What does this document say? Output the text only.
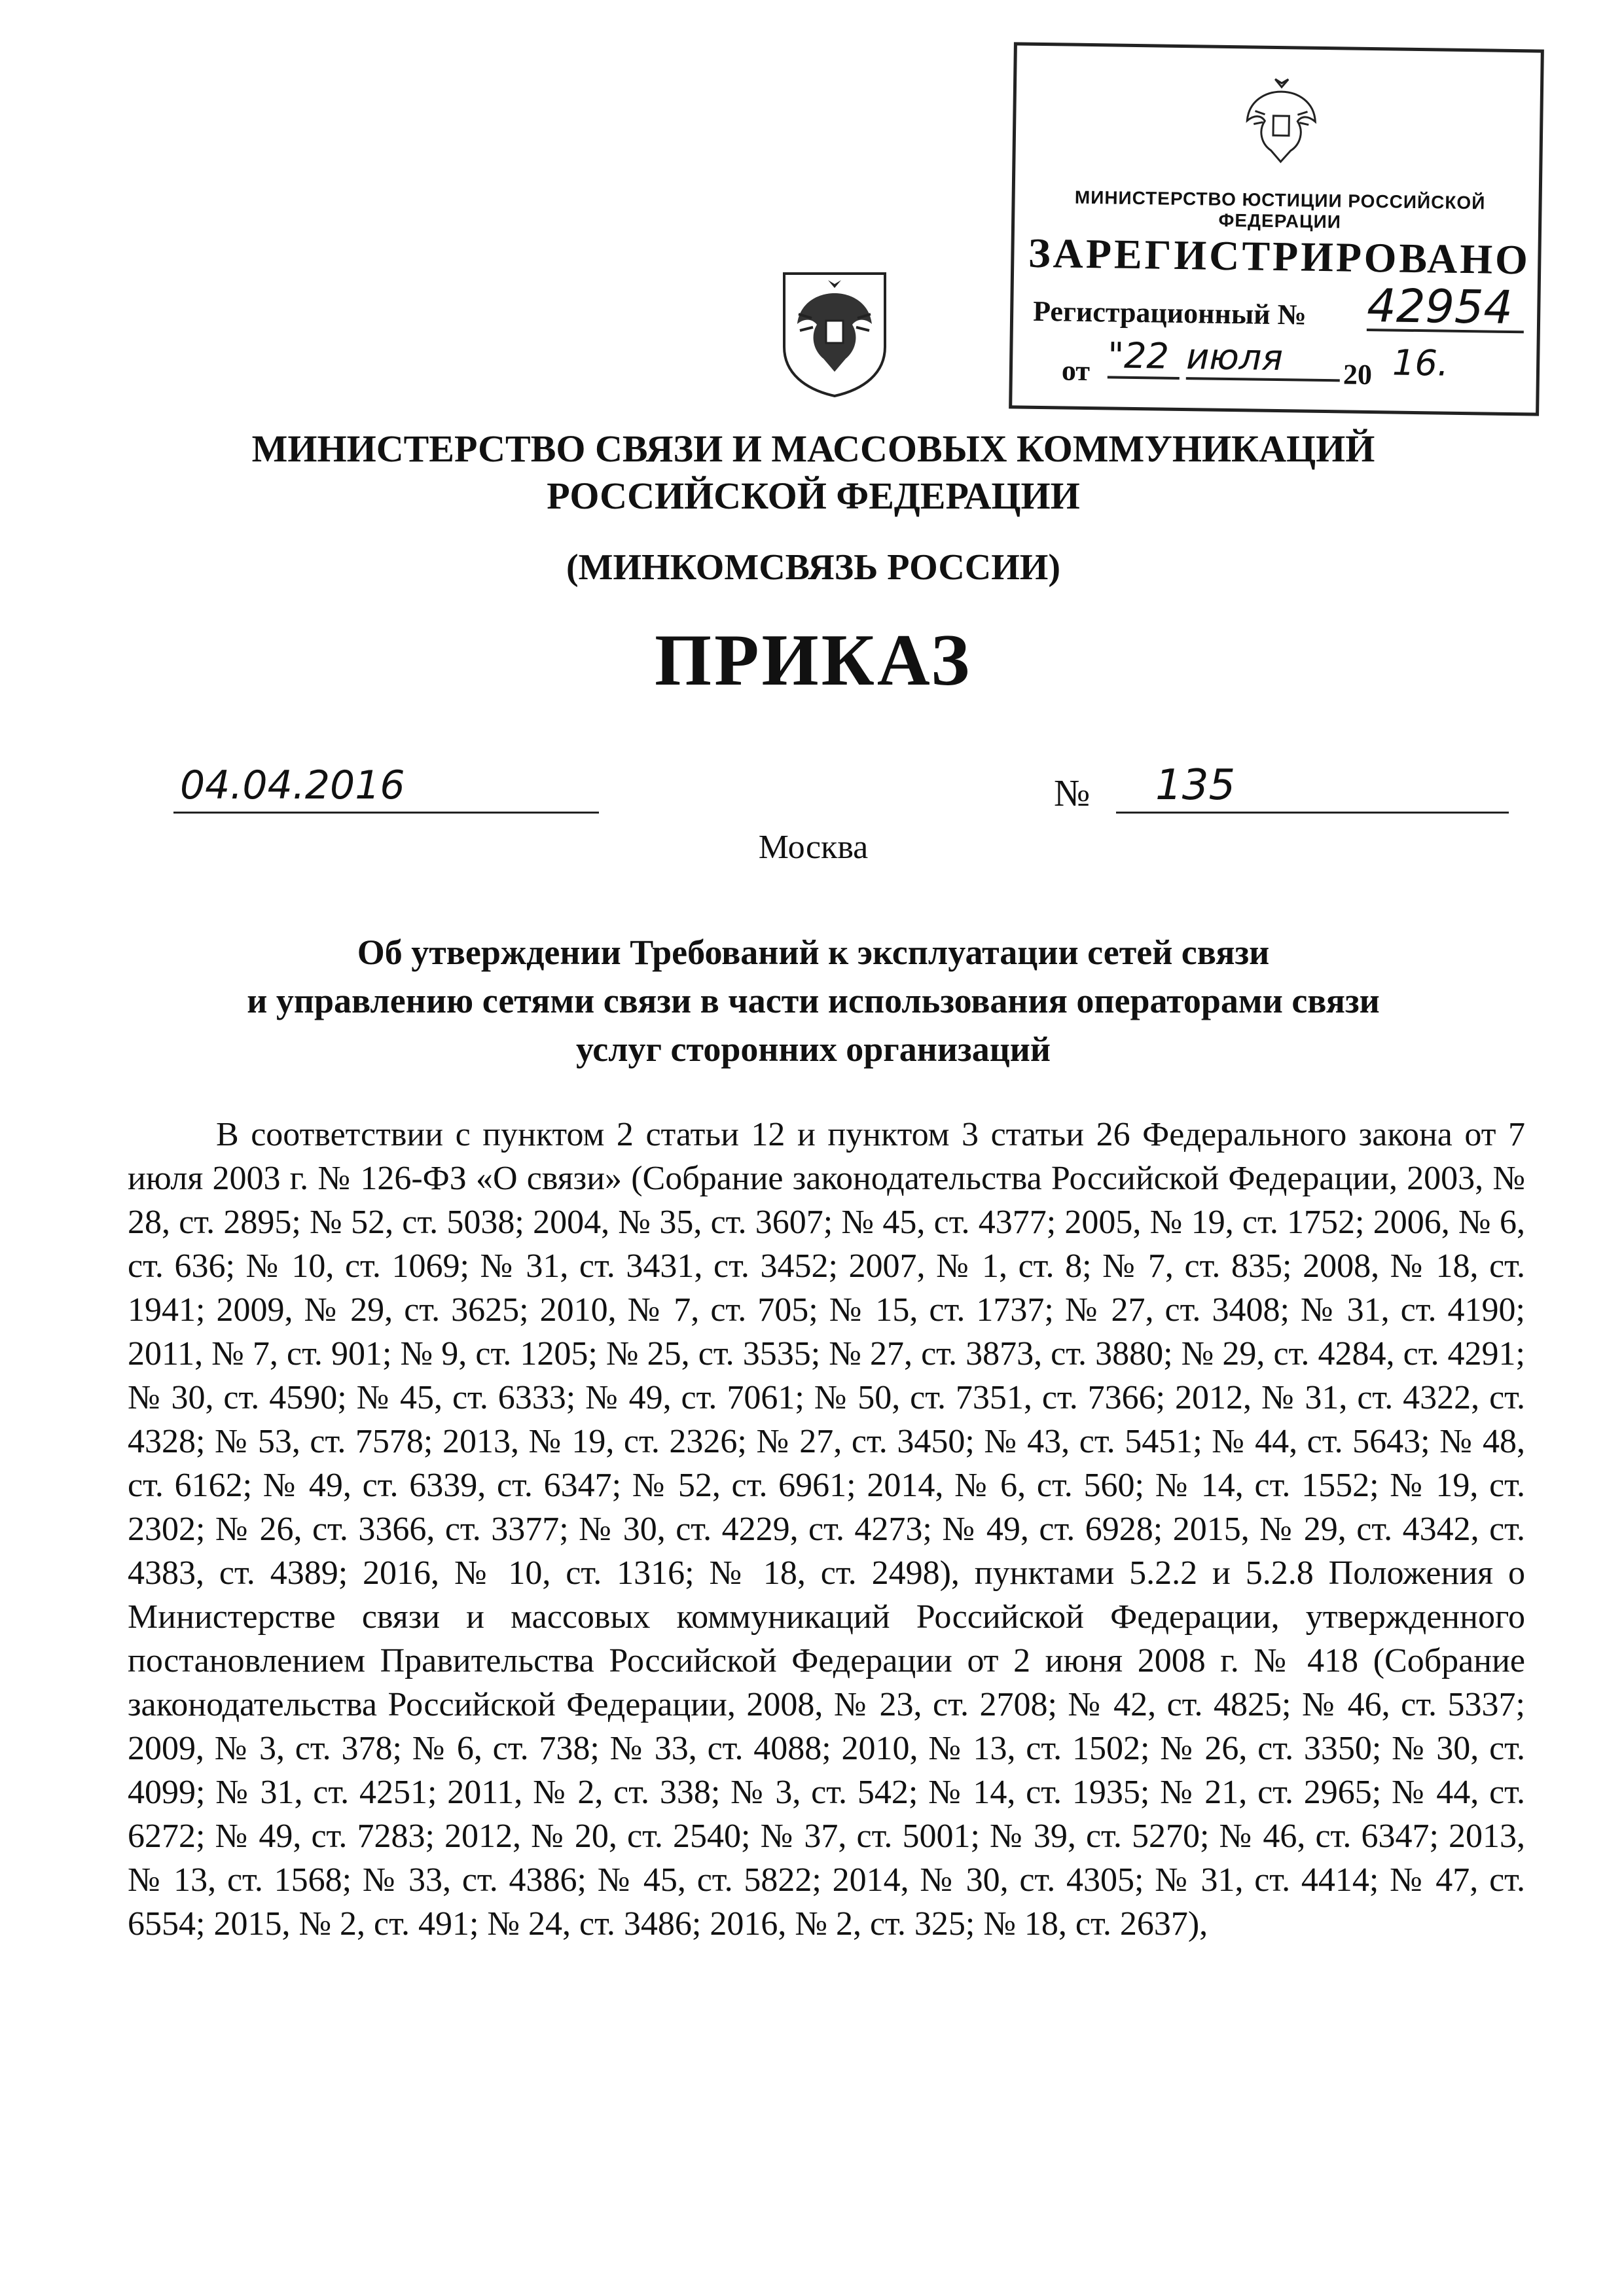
МИНИСТЕРСТВО ЮСТИЦИИ РОССИЙСКОЙ ФЕДЕРАЦИИ
ЗАРЕГИСТРИРОВАНО
Регистрационный № 42954
от "22 июля	20 16.
МИНИСТЕРСТВО СВЯЗИ И МАССОВЫХ КОММУНИКАЦИЙ
РОССИЙСКОЙ ФЕДЕРАЦИИ
(МИНКОМСВЯЗЬ РОССИИ)
ПРИКАЗ
04.04.2016	№	135
Москва
Об утверждении Требований к эксплуатации сетей связи
и управлению сетями связи в части использования операторами связи
услуг сторонних организаций

В соответствии с пунктом 2 статьи 12 и пунктом 3 статьи 26 Федерального закона от 7 июля 2003 г. № 126-ФЗ «О связи» (Собрание законодательства Российской Федерации, 2003, № 28, ст. 2895; № 52, ст. 5038; 2004, № 35, ст. 3607; № 45, ст. 4377; 2005, № 19, ст. 1752; 2006, № 6, ст. 636; № 10, ст. 1069; № 31, ст. 3431, ст. 3452; 2007, № 1, ст. 8; № 7, ст. 835; 2008, № 18, ст. 1941; 2009, № 29, ст. 3625; 2010, № 7, ст. 705; № 15, ст. 1737; № 27, ст. 3408; № 31, ст. 4190; 2011, № 7, ст. 901; № 9, ст. 1205; № 25, ст. 3535; № 27, ст. 3873, ст. 3880; № 29, ст. 4284, ст. 4291; № 30, ст. 4590; № 45, ст. 6333; № 49, ст. 7061; № 50, ст. 7351, ст. 7366; 2012, № 31, ст. 4322, ст. 4328; № 53, ст. 7578; 2013, № 19, ст. 2326; № 27, ст. 3450; № 43, ст. 5451; № 44, ст. 5643; № 48, ст. 6162; № 49, ст. 6339, ст. 6347; № 52, ст. 6961; 2014, № 6, ст. 560; № 14, ст. 1552; № 19, ст. 2302; № 26, ст. 3366, ст. 3377; № 30, ст. 4229, ст. 4273; № 49, ст. 6928; 2015, № 29, ст. 4342, ст. 4383, ст. 4389; 2016, № 10, ст. 1316; № 18, ст. 2498), пунктами 5.2.2 и 5.2.8 Положения о Министерстве связи и массовых коммуникаций Российской Федерации, утвержденного постановлением Правительства Российской Федерации от 2 июня 2008 г. № 418 (Собрание законодательства Российской Федерации, 2008, № 23, ст. 2708; № 42, ст. 4825; № 46, ст. 5337; 2009, № 3, ст. 378; № 6, ст. 738; № 33, ст. 4088; 2010, № 13, ст. 1502; № 26, ст. 3350; № 30, ст. 4099; № 31, ст. 4251; 2011, № 2, ст. 338; № 3, ст. 542; № 14, ст. 1935; № 21, ст. 2965; № 44, ст. 6272; № 49, ст. 7283; 2012, № 20, ст. 2540; № 37, ст. 5001; № 39, ст. 5270; № 46, ст. 6347; 2013, № 13, ст. 1568; № 33, ст. 4386; № 45, ст. 5822; 2014, № 30, ст. 4305; № 31, ст. 4414; № 47, ст. 6554; 2015, № 2, ст. 491; № 24, ст. 3486; 2016, № 2, ст. 325; № 18, ст. 2637),
